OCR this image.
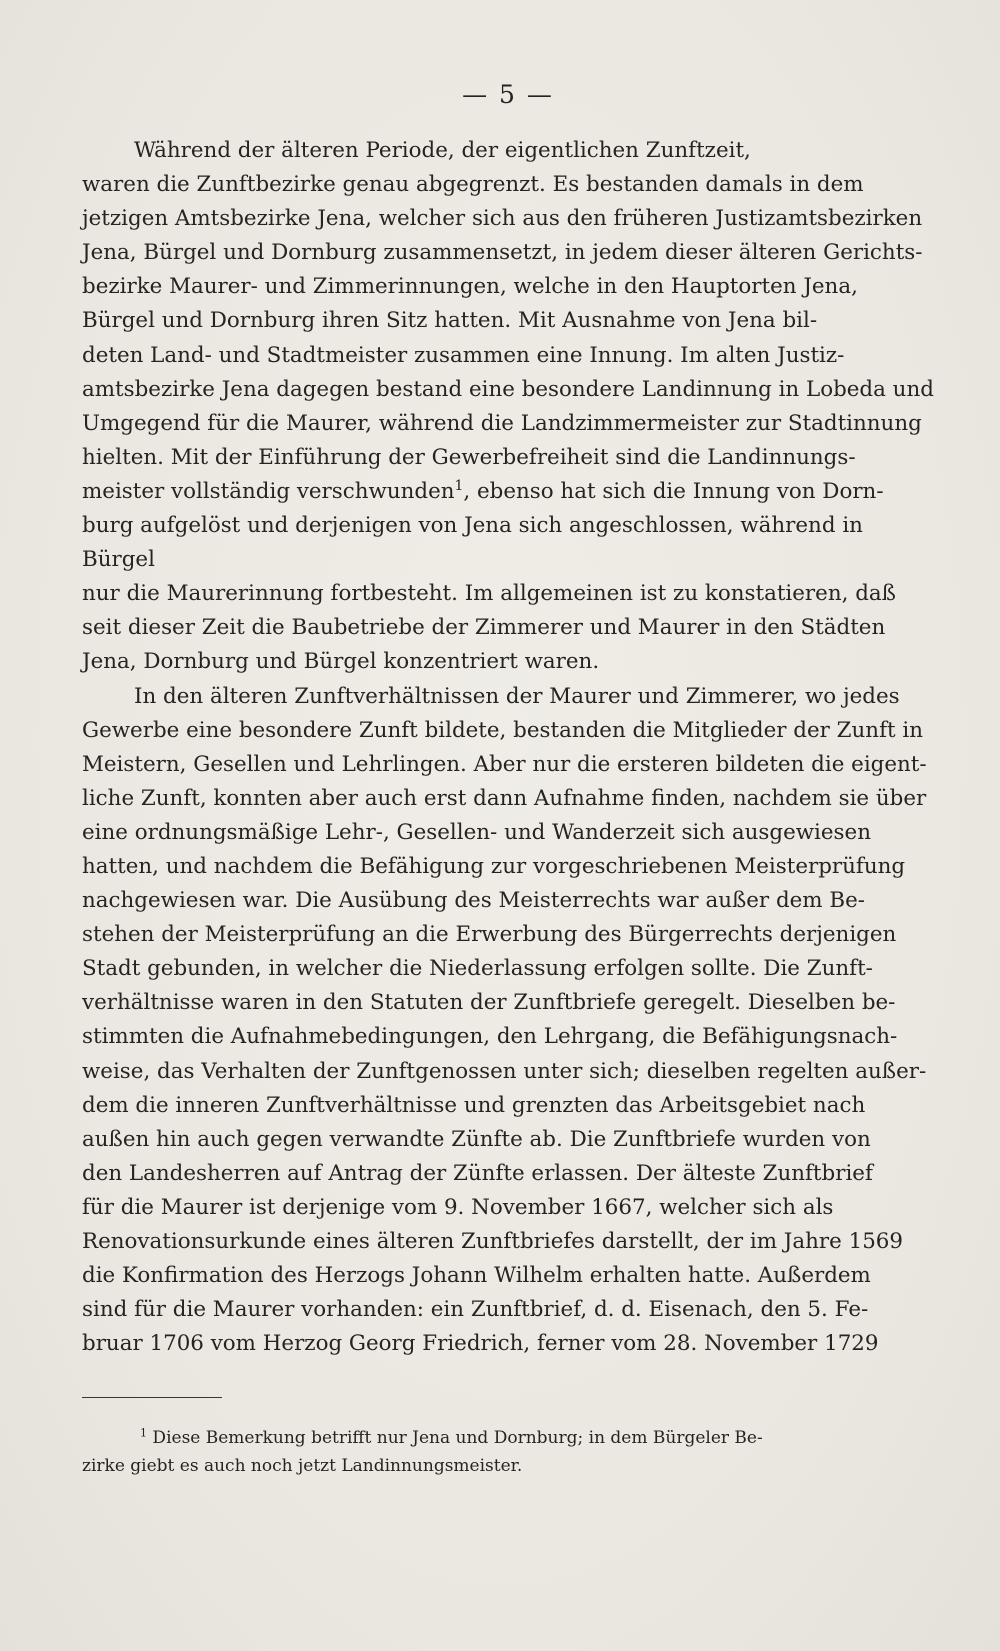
— 5 —

Während der älteren Periode, der eigentlichen Zunftzeit,
waren die Zunftbezirke genau abgegrenzt. Es bestanden damals in dem
jetzigen Amtsbezirke Jena, welcher sich aus den früheren Justizamtsbezirken
Jena, Bürgel und Dornburg zusammensetzt, in jedem dieser älteren Gerichts-
bezirke Maurer- und Zimmerinnungen, welche in den Hauptorten Jena,
Bürgel und Dornburg ihren Sitz hatten. Mit Ausnahme von Jena bil-
deten Land- und Stadtmeister zusammen eine Innung. Im alten Justiz-
amtsbezirke Jena dagegen bestand eine besondere Landinnung in Lobeda und
Umgegend für die Maurer, während die Landzimmermeister zur Stadtinnung
hielten. Mit der Einführung der Gewerbefreiheit sind die Landinnungs-
meister vollständig verschwunden$^1$, ebenso hat sich die Innung von Dorn-
burg aufgelöst und derjenigen von Jena sich angeschlossen, während in Bürgel
nur die Maurerinnung fortbesteht. Im allgemeinen ist zu konstatieren, daß
seit dieser Zeit die Baubetriebe der Zimmerer und Maurer in den Städten
Jena, Dornburg und Bürgel konzentriert waren.

In den älteren Zunftverhältnissen der Maurer und Zimmerer, wo jedes
Gewerbe eine besondere Zunft bildete, bestanden die Mitglieder der Zunft in
Meistern, Gesellen und Lehrlingen. Aber nur die ersteren bildeten die eigent-
liche Zunft, konnten aber auch erst dann Aufnahme finden, nachdem sie über
eine ordnungsmäßige Lehr-, Gesellen- und Wanderzeit sich ausgewiesen
hatten, und nachdem die Befähigung zur vorgeschriebenen Meisterprüfung
nachgewiesen war. Die Ausübung des Meisterrechts war außer dem Be-
stehen der Meisterprüfung an die Erwerbung des Bürgerrechts derjenigen
Stadt gebunden, in welcher die Niederlassung erfolgen sollte. Die Zunft-
verhältnisse waren in den Statuten der Zunftbriefe geregelt. Dieselben be-
stimmten die Aufnahmebedingungen, den Lehrgang, die Befähigungsnach-
weise, das Verhalten der Zunftgenossen unter sich; dieselben regelten außer-
dem die inneren Zunftverhältnisse und grenzten das Arbeitsgebiet nach
außen hin auch gegen verwandte Zünfte ab. Die Zunftbriefe wurden von
den Landesherren auf Antrag der Zünfte erlassen. Der älteste Zunftbrief
für die Maurer ist derjenige vom 9. November 1667, welcher sich als
Renovationsurkunde eines älteren Zunftbriefes darstellt, der im Jahre 1569
die Konfirmation des Herzogs Johann Wilhelm erhalten hatte. Außerdem
sind für die Maurer vorhanden: ein Zunftbrief, d. d. Eisenach, den 5. Fe-
bruar 1706 vom Herzog Georg Friedrich, ferner vom 28. November 1729

$^1$ Diese Bemerkung betrifft nur Jena und Dornburg; in dem Bürgeler Be-
zirke giebt es auch noch jetzt Landinnungsmeister.
